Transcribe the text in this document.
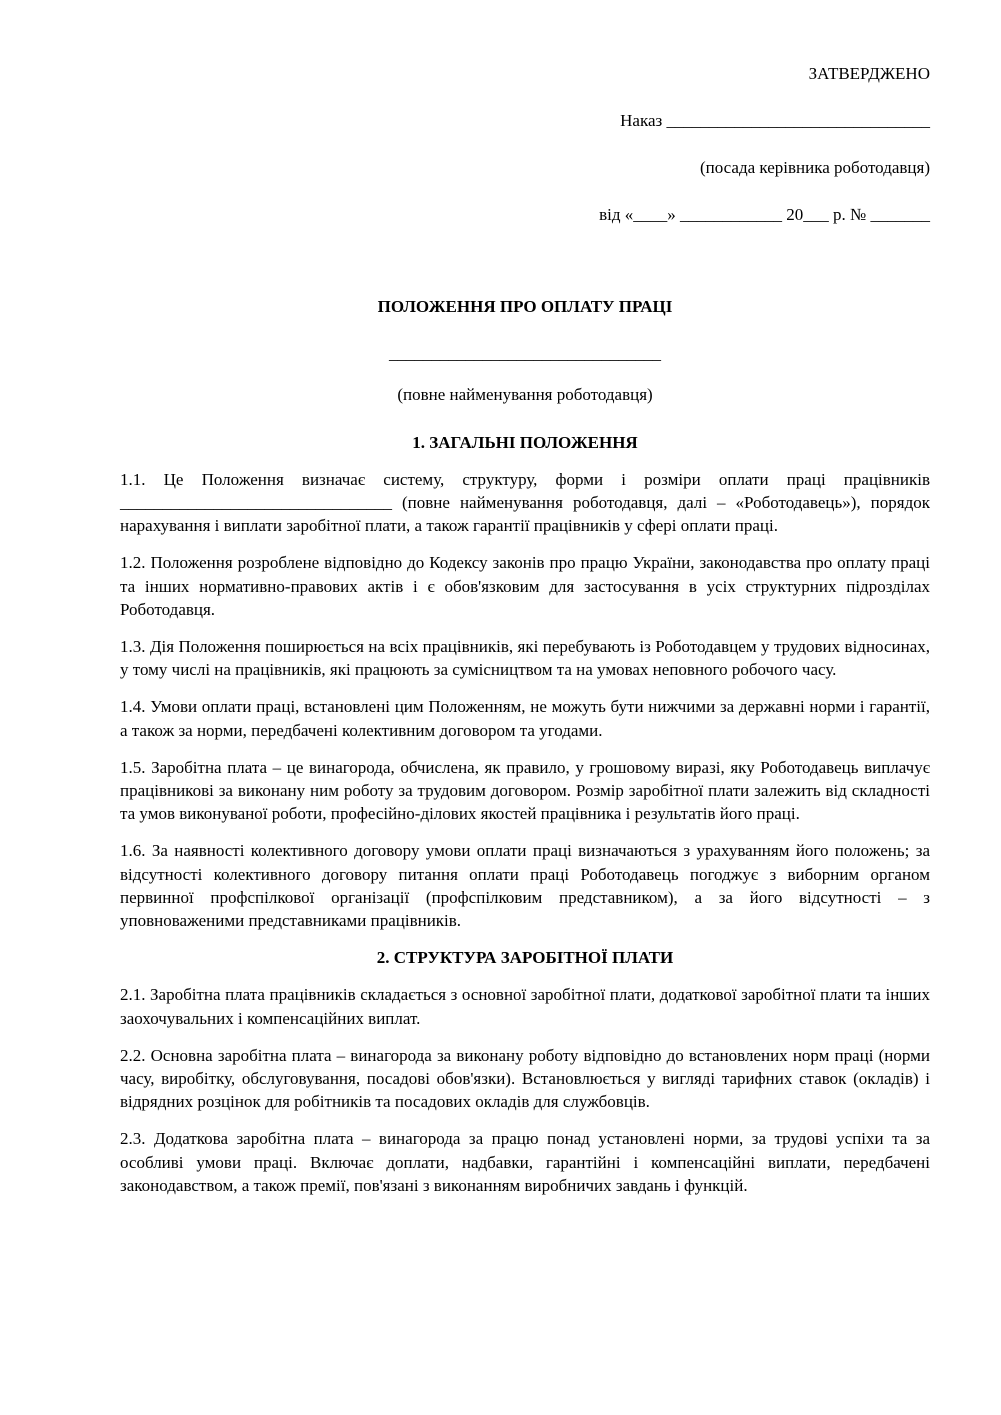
ЗАТВЕРДЖЕНО

Наказ _______________________________

(посада керівника роботодавця)

від «____» ____________ 20___ р. № _______

ПОЛОЖЕННЯ ПРО ОПЛАТУ ПРАЦІ

________________________________

(повне найменування роботодавця)

1. ЗАГАЛЬНІ ПОЛОЖЕННЯ

1.1. Це Положення визначає систему, структуру, форми і розміри оплати праці працівників ________________________________ (повне найменування роботодавця, далі – «Роботодавець»), порядок нарахування і виплати заробітної плати, а також гарантії працівників у сфері оплати праці.

1.2. Положення розроблене відповідно до Кодексу законів про працю України, законодавства про оплату праці та інших нормативно-правових актів і є обов'язковим для застосування в усіх структурних підрозділах Роботодавця.

1.3. Дія Положення поширюється на всіх працівників, які перебувають із Роботодавцем у трудових відносинах, у тому числі на працівників, які працюють за сумісництвом та на умовах неповного робочого часу.

1.4. Умови оплати праці, встановлені цим Положенням, не можуть бути нижчими за державні норми і гарантії, а також за норми, передбачені колективним договором та угодами.

1.5. Заробітна плата – це винагорода, обчислена, як правило, у грошовому виразі, яку Роботодавець виплачує працівникові за виконану ним роботу за трудовим договором. Розмір заробітної плати залежить від складності та умов виконуваної роботи, професійно-ділових якостей працівника і результатів його праці.

1.6. За наявності колективного договору умови оплати праці визначаються з урахуванням його положень; за відсутності колективного договору питання оплати праці Роботодавець погоджує з виборним органом первинної профспілкової організації (профспілковим представником), а за його відсутності – з уповноваженими представниками працівників.

2. СТРУКТУРА ЗАРОБІТНОЇ ПЛАТИ

2.1. Заробітна плата працівників складається з основної заробітної плати, додаткової заробітної плати та інших заохочувальних і компенсаційних виплат.

2.2. Основна заробітна плата – винагорода за виконану роботу відповідно до встановлених норм праці (норми часу, виробітку, обслуговування, посадові обов'язки). Встановлюється у вигляді тарифних ставок (окладів) і відрядних розцінок для робітників та посадових окладів для службовців.

2.3. Додаткова заробітна плата – винагорода за працю понад установлені норми, за трудові успіхи та за особливі умови праці. Включає доплати, надбавки, гарантійні і компенсаційні виплати, передбачені законодавством, а також премії, пов'язані з виконанням виробничих завдань і функцій.
